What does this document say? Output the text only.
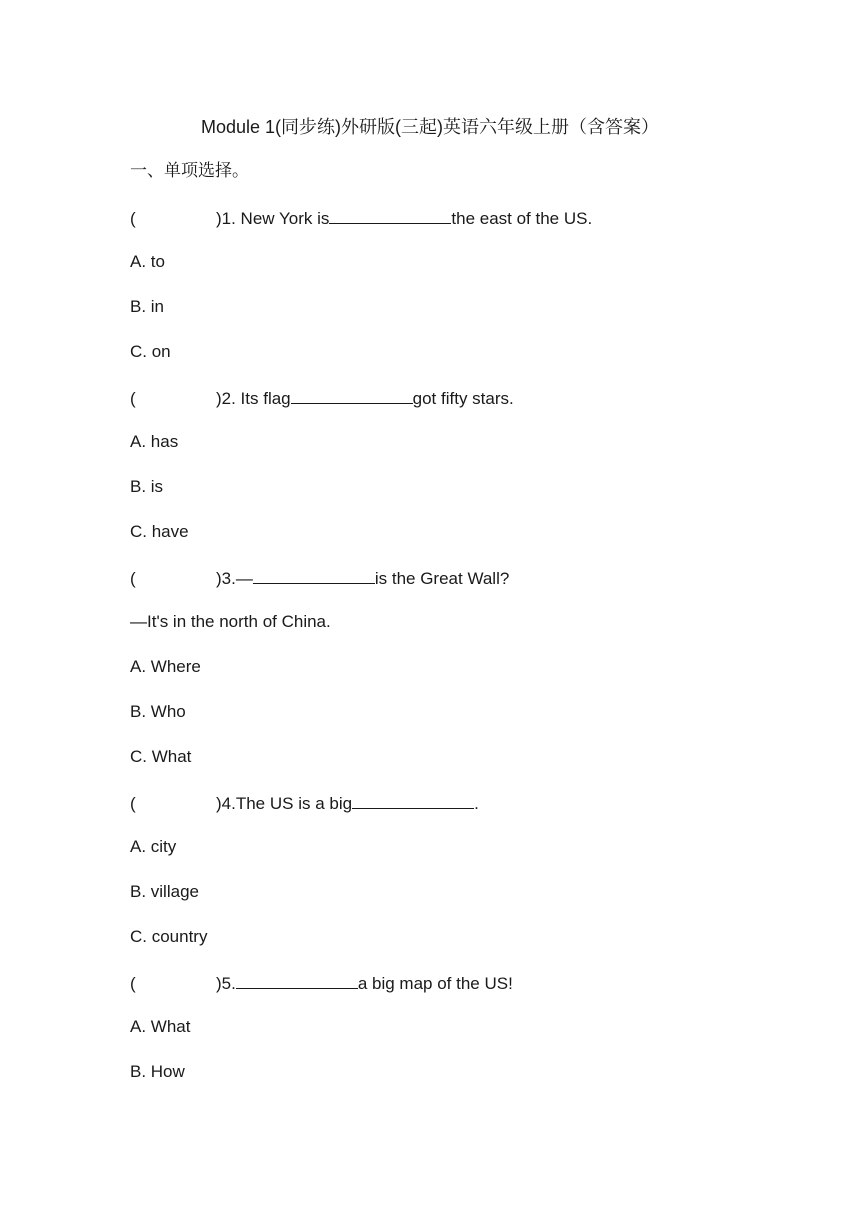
Module 1(同步练)外研版(三起)英语六年级上册（含答案）
一、单项选择。
(	)1. New York is	the east of the US.
A. to
B. in
C. on
(	)2. Its flag	got fifty stars.
A. has
B. is
C. have
(	)3.—	is the Great Wall?
—It's in the north of China.
A. Where
B. Who
C. What
(	)4.The US is a big	.
A. city
B. village
C. country
(	)5.	a big map of the US!
A. What
B. How
